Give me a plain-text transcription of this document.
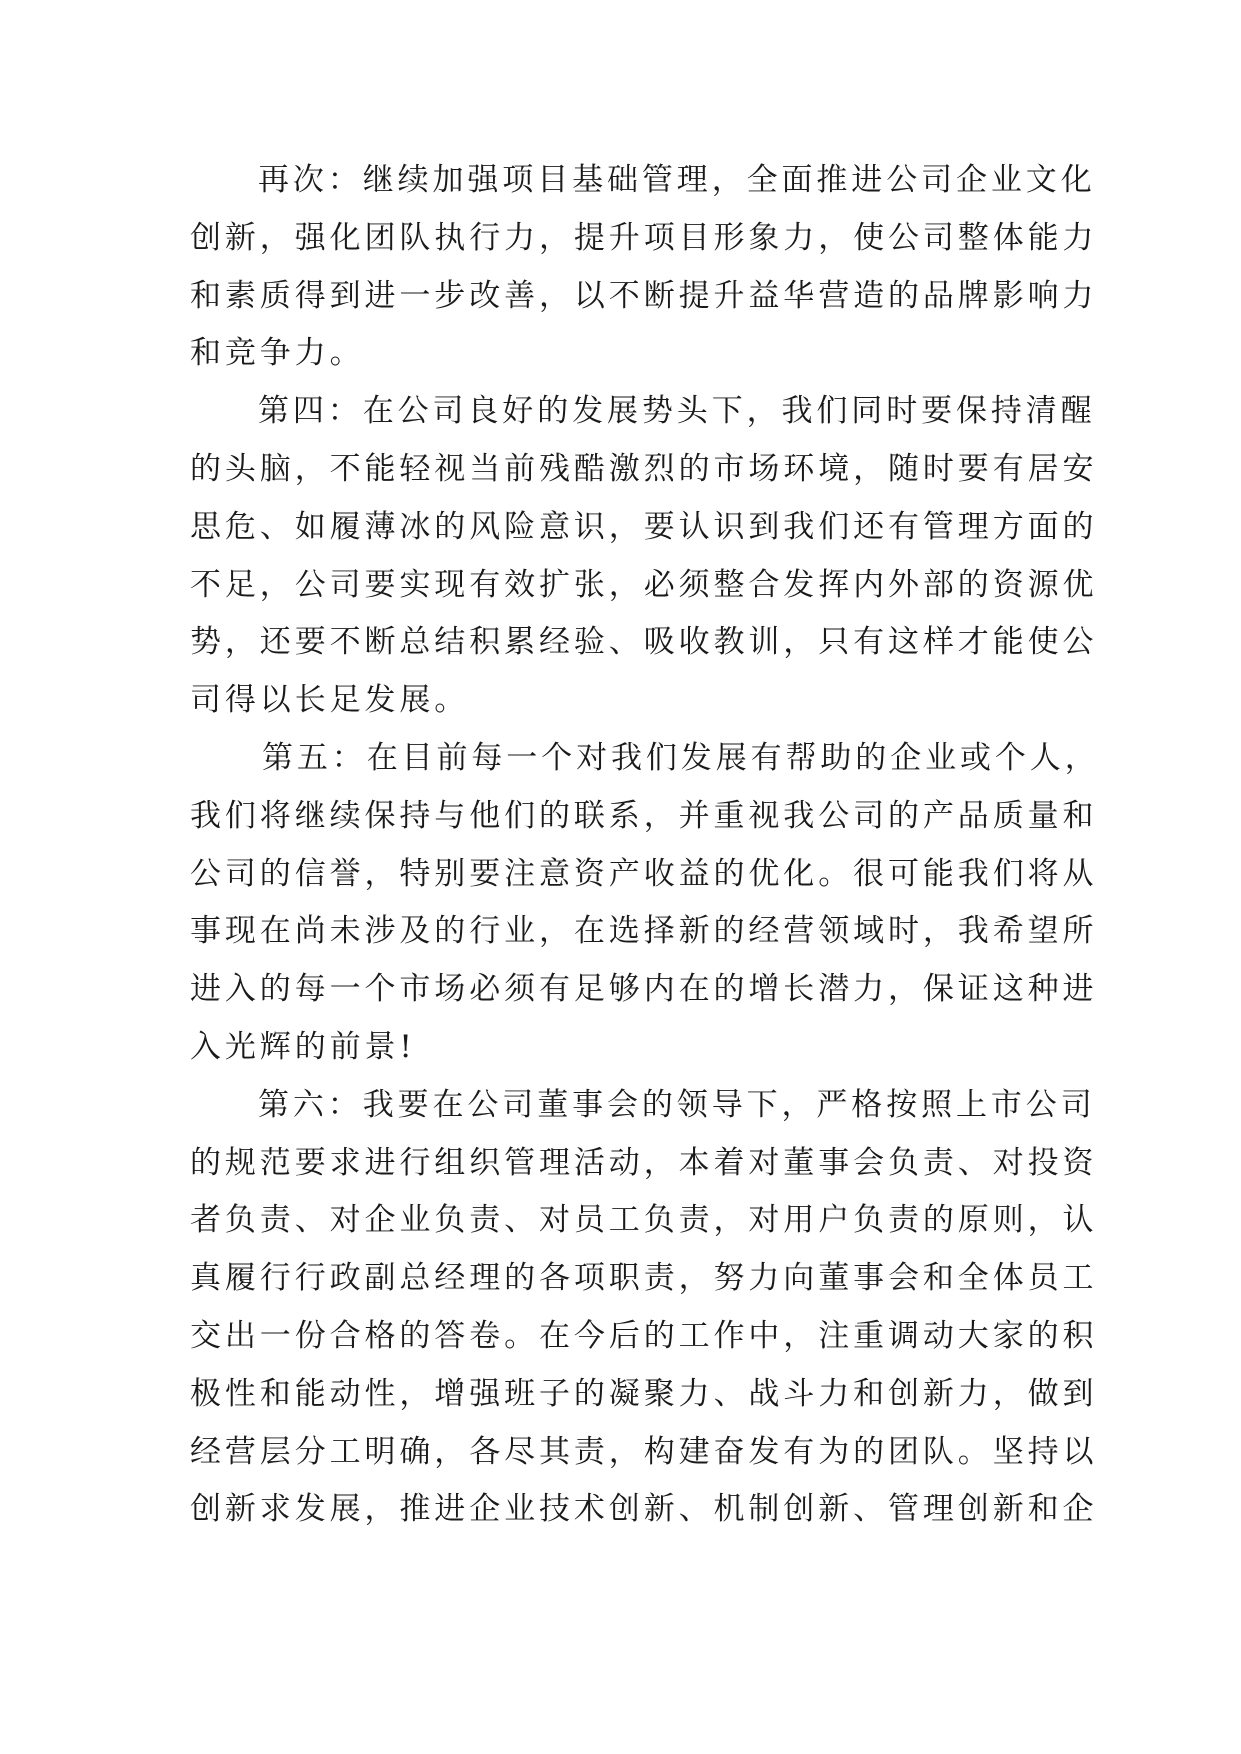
再次：继续加强项目基础管理，全面推进公司企业文化
创新，强化团队执行力，提升项目形象力，使公司整体能力
和素质得到进一步改善，以不断提升益华营造的品牌影响力
和竞争力。
第四：在公司良好的发展势头下，我们同时要保持清醒
的头脑，不能轻视当前残酷激烈的市场环境，随时要有居安
思危、如履薄冰的风险意识，要认识到我们还有管理方面的
不足，公司要实现有效扩张，必须整合发挥内外部的资源优
势，还要不断总结积累经验、吸收教训，只有这样才能使公
司得以长足发展。
第五：在目前每一个对我们发展有帮助的企业或个人，
我们将继续保持与他们的联系，并重视我公司的产品质量和
公司的信誉，特别要注意资产收益的优化。很可能我们将从
事现在尚未涉及的行业，在选择新的经营领域时，我希望所
进入的每一个市场必须有足够内在的增长潜力，保证这种进
入光辉的前景!
第六：我要在公司董事会的领导下，严格按照上市公司
的规范要求进行组织管理活动，本着对董事会负责、对投资
者负责、对企业负责、对员工负责，对用户负责的原则，认
真履行行政副总经理的各项职责，努力向董事会和全体员工
交出一份合格的答卷。在今后的工作中，注重调动大家的积
极性和能动性，增强班子的凝聚力、战斗力和创新力，做到
经营层分工明确，各尽其责，构建奋发有为的团队。坚持以
创新求发展，推进企业技术创新、机制创新、管理创新和企
